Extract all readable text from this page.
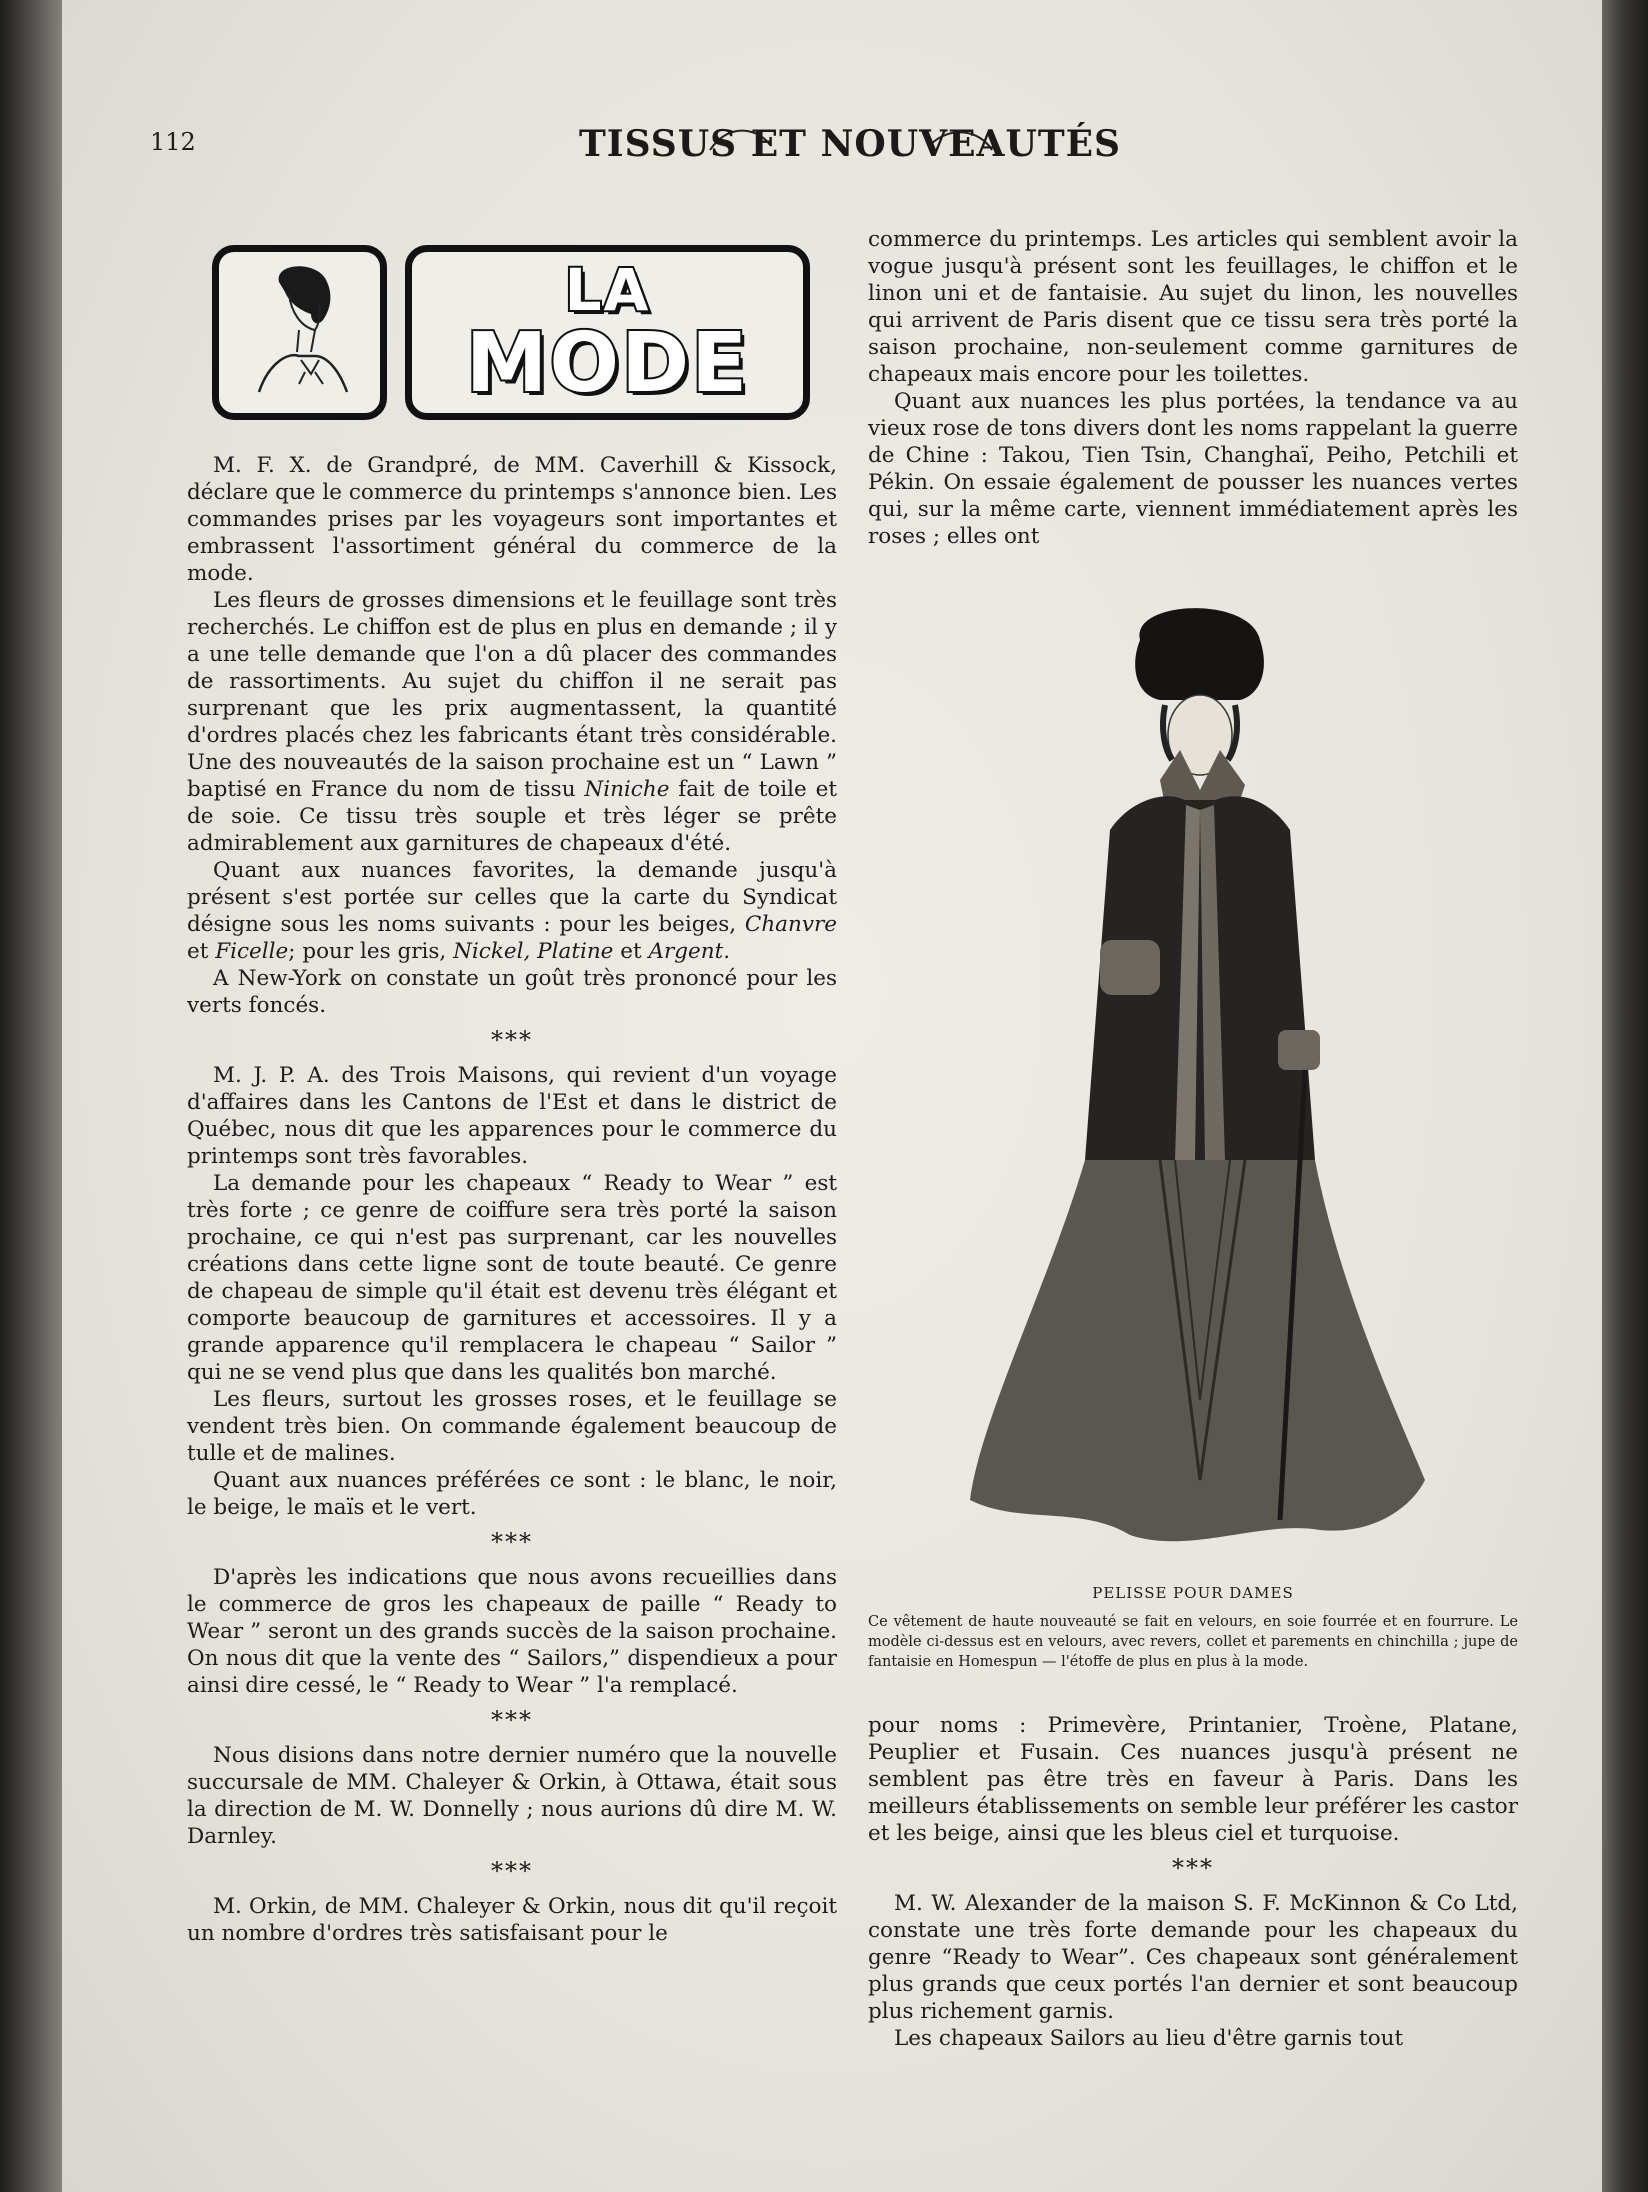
112	TISSUS ET NOUVEAUTÉS
LA
MODE

M. F. X. de Grandpré, de MM. Caverhill & Kissock, déclare que le commerce du printemps s'annonce bien. Les commandes prises par les voyageurs sont importantes et embrassent l'assortiment général du commerce de la mode.

Les fleurs de grosses dimensions et le feuillage sont très recherchés. Le chiffon est de plus en plus en demande ; il y a une telle demande que l'on a dû placer des commandes de rassortiments. Au sujet du chiffon il ne serait pas surprenant que les prix augmentassent, la quantité d'ordres placés chez les fabricants étant très considérable. Une des nouveautés de la saison prochaine est un “ Lawn ” baptisé en France du nom de tissu Niniche fait de toile et de soie. Ce tissu très souple et très léger se prête admirablement aux garnitures de chapeaux d'été.

Quant aux nuances favorites, la demande jusqu'à présent s'est portée sur celles que la carte du Syndicat désigne sous les noms suivants : pour les beiges, Chanvre et Ficelle; pour les gris, Nickel, Platine et Argent.

A New-York on constate un goût très prononcé pour les verts foncés.

***

M. J. P. A. des Trois Maisons, qui revient d'un voyage d'affaires dans les Cantons de l'Est et dans le district de Québec, nous dit que les apparences pour le commerce du printemps sont très favorables.

La demande pour les chapeaux “ Ready to Wear ” est très forte ; ce genre de coiffure sera très porté la saison prochaine, ce qui n'est pas surprenant, car les nouvelles créations dans cette ligne sont de toute beauté. Ce genre de chapeau de simple qu'il était est devenu très élégant et comporte beaucoup de garnitures et accessoires. Il y a grande apparence qu'il remplacera le chapeau “ Sailor ” qui ne se vend plus que dans les qualités bon marché.

Les fleurs, surtout les grosses roses, et le feuillage se vendent très bien. On commande également beaucoup de tulle et de malines.

Quant aux nuances préférées ce sont : le blanc, le noir, le beige, le maïs et le vert.

***

D'après les indications que nous avons recueillies dans le commerce de gros les chapeaux de paille “ Ready to Wear ” seront un des grands succès de la saison prochaine. On nous dit que la vente des “ Sailors,” dispendieux a pour ainsi dire cessé, le “ Ready to Wear ” l'a remplacé.

***

Nous disions dans notre dernier numéro que la nouvelle succursale de MM. Chaleyer & Orkin, à Ottawa, était sous la direction de M. W. Donnelly ; nous aurions dû dire M. W. Darnley.

***

M. Orkin, de MM. Chaleyer & Orkin, nous dit qu'il reçoit un nombre d'ordres très satisfaisant pour le

commerce du printemps. Les articles qui semblent avoir la vogue jusqu'à présent sont les feuillages, le chiffon et le linon uni et de fantaisie. Au sujet du linon, les nouvelles qui arrivent de Paris disent que ce tissu sera très porté la saison prochaine, non-seulement comme garnitures de chapeaux mais encore pour les toilettes.

Quant aux nuances les plus portées, la tendance va au vieux rose de tons divers dont les noms rappelant la guerre de Chine : Takou, Tien Tsin, Changhaï, Peiho, Petchili et Pékin. On essaie également de pousser les nuances vertes qui, sur la même carte, viennent immédiatement après les roses ; elles ont

PELISSE POUR DAMES
Ce vêtement de haute nouveauté se fait en velours, en soie fourrée et en fourrure. Le modèle ci-dessus est en velours, avec revers, collet et parements en chinchilla ; jupe de fantaisie en Homespun — l'étoffe de plus en plus à la mode.

pour noms : Primevère, Printanier, Troène, Platane, Peuplier et Fusain. Ces nuances jusqu'à présent ne semblent pas être très en faveur à Paris. Dans les meilleurs établissements on semble leur préférer les castor et les beige, ainsi que les bleus ciel et turquoise.

***

M. W. Alexander de la maison S. F. McKinnon & Co Ltd, constate une très forte demande pour les chapeaux du genre “Ready to Wear”. Ces chapeaux sont généralement plus grands que ceux portés l'an dernier et sont beaucoup plus richement garnis.

Les chapeaux Sailors au lieu d'être garnis tout
